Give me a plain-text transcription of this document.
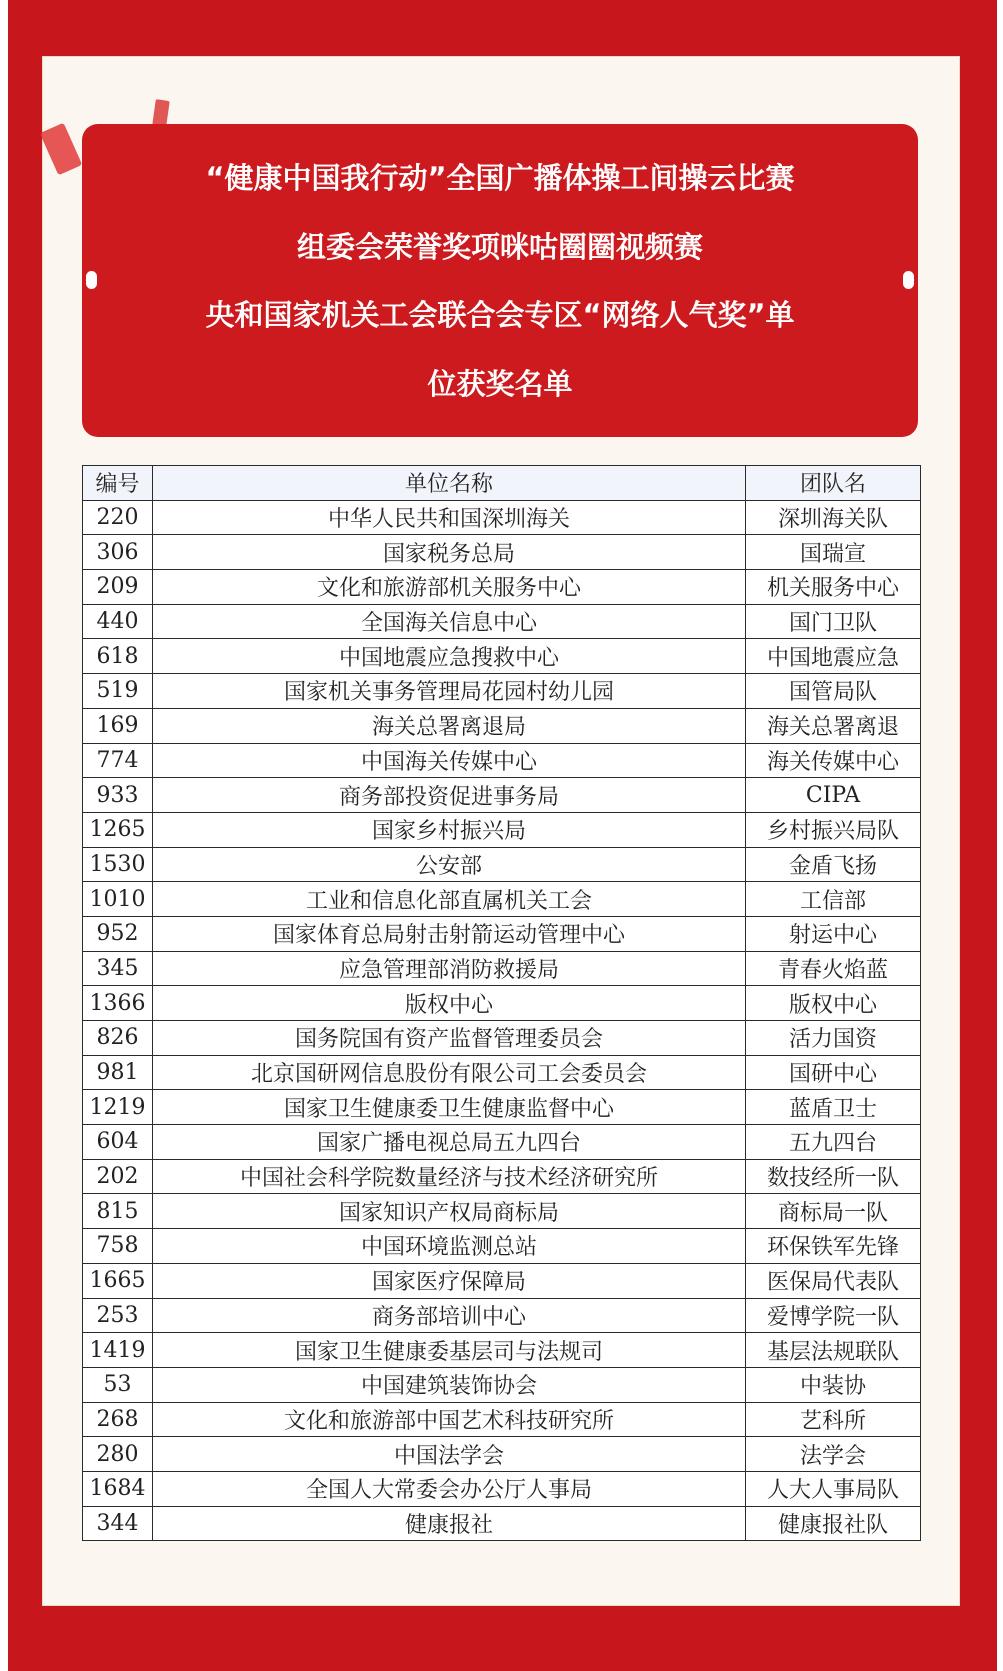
“健康中国我行动”全国广播体操工间操云比赛
组委会荣誉奖项咪咕圈圈视频赛
央和国家机关工会联合会专区“网络人气奖”单
位获奖名单
编号	单位名称	团队名
220	中华人民共和国深圳海关	深圳海关队
306	国家税务总局	国瑞宣
209	文化和旅游部机关服务中心	机关服务中心
440	全国海关信息中心	国门卫队
618	中国地震应急搜救中心	中国地震应急
519	国家机关事务管理局花园村幼儿园	国管局队
169	海关总署离退局	海关总署离退
774	中国海关传媒中心	海关传媒中心
933	商务部投资促进事务局	CIPA
1265	国家乡村振兴局	乡村振兴局队
1530	公安部	金盾飞扬
1010	工业和信息化部直属机关工会	工信部
952	国家体育总局射击射箭运动管理中心	射运中心
345	应急管理部消防救援局	青春火焰蓝
1366	版权中心	版权中心
826	国务院国有资产监督管理委员会	活力国资
981	北京国研网信息股份有限公司工会委员会	国研中心
1219	国家卫生健康委卫生健康监督中心	蓝盾卫士
604	国家广播电视总局五九四台	五九四台
202	中国社会科学院数量经济与技术经济研究所	数技经所一队
815	国家知识产权局商标局	商标局一队
758	中国环境监测总站	环保铁军先锋
1665	国家医疗保障局	医保局代表队
253	商务部培训中心	爱博学院一队
1419	国家卫生健康委基层司与法规司	基层法规联队
53	中国建筑装饰协会	中装协
268	文化和旅游部中国艺术科技研究所	艺科所
280	中国法学会	法学会
1684	全国人大常委会办公厅人事局	人大人事局队
344	健康报社	健康报社队
